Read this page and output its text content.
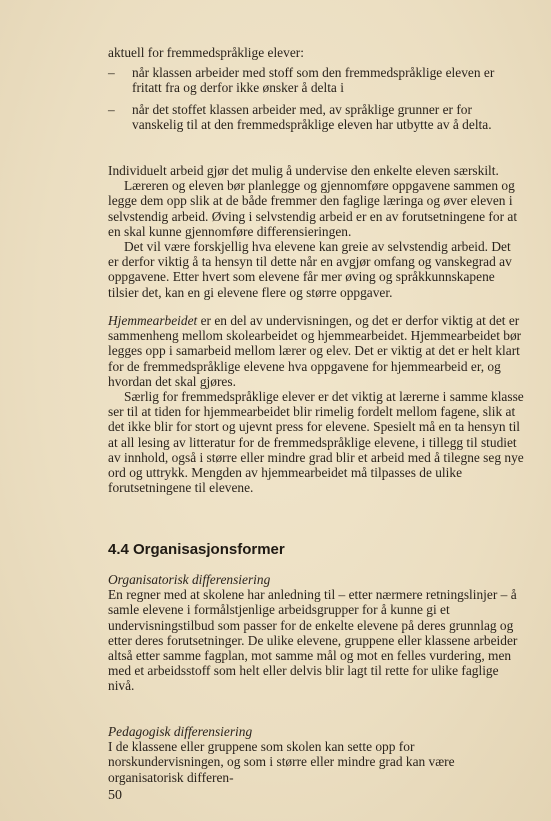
aktuell for fremmedspråklige elever:

– når klassen arbeider med stoff som den fremmedspråklige eleven er fritatt fra og derfor ikke ønsker å delta i

– når det stoffet klassen arbeider med, av språklige grunner er for vanskelig til at den fremmedspråklige eleven har utbytte av å delta.

Individuelt arbeid gjør det mulig å undervise den enkelte eleven særskilt.

Læreren og eleven bør planlegge og gjennomføre oppgavene sammen og legge dem opp slik at de både fremmer den faglige læringa og øver eleven i selvstendig arbeid. Øving i selvstendig arbeid er en av forutsetningene for at en skal kunne gjennomføre differensieringen.

Det vil være forskjellig hva elevene kan greie av selvstendig arbeid. Det er derfor viktig å ta hensyn til dette når en avgjør omfang og vanskegrad av oppgavene. Etter hvert som elevene får mer øving og språkkunnskapene tilsier det, kan en gi elevene flere og større oppgaver.

Hjemmearbeidet er en del av undervisningen, og det er derfor viktig at det er sammenheng mellom skolearbeidet og hjemmearbeidet. Hjemmearbeidet bør legges opp i samarbeid mellom lærer og elev. Det er viktig at det er helt klart for de fremmedspråklige elevene hva oppgavene for hjemmearbeid er, og hvordan det skal gjøres.

Særlig for fremmedspråklige elever er det viktig at lærerne i samme klasse ser til at tiden for hjemmearbeidet blir rimelig fordelt mellom fagene, slik at det ikke blir for stort og ujevnt press for elevene. Spesielt må en ta hensyn til at all lesing av litteratur for de fremmedspråklige elevene, i tillegg til studiet av innhold, også i større eller mindre grad blir et arbeid med å tilegne seg nye ord og uttrykk. Mengden av hjemmearbeidet må tilpasses de ulike forutsetningene til elevene.

4.4 Organisasjonsformer

Organisatorisk differensiering

En regner med at skolene har anledning til – etter nærmere retningslinjer – å samle elevene i formålstjenlige arbeidsgrupper for å kunne gi et undervisningstilbud som passer for de enkelte elevene på deres grunnlag og etter deres forutsetninger. De ulike elevene, gruppene eller klassene arbeider altså etter samme fagplan, mot samme mål og mot en felles vurdering, men med et arbeidsstoff som helt eller delvis blir lagt til rette for ulike faglige nivå.

Pedagogisk differensiering

I de klassene eller gruppene som skolen kan sette opp for norskundervisningen, og som i større eller mindre grad kan være organisatorisk differen-

50
